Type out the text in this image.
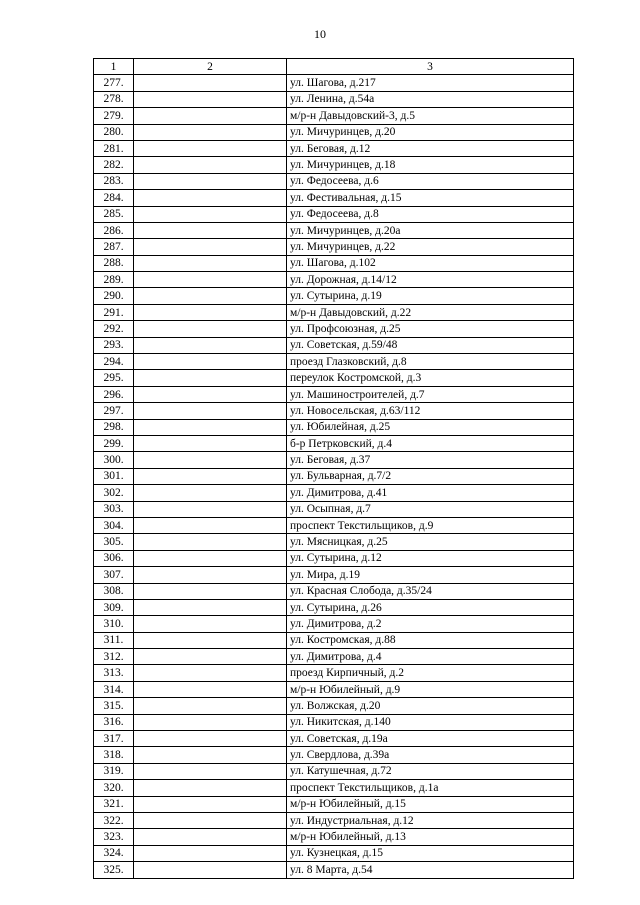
10
1	2	3
277.		ул. Шагова, д.217
278.		ул. Ленина, д.54а
279.		м/р-н Давыдовский-3, д.5
280.		ул. Мичуринцев, д.20
281.		ул. Беговая, д.12
282.		ул. Мичуринцев, д.18
283.		ул. Федосеева, д.6
284.		ул. Фестивальная, д.15
285.		ул. Федосеева, д.8
286.		ул. Мичуринцев, д.20а
287.		ул. Мичуринцев, д.22
288.		ул. Шагова, д.102
289.		ул. Дорожная, д.14/12
290.		ул. Сутырина, д.19
291.		м/р-н Давыдовский, д.22
292.		ул. Профсоюзная, д.25
293.		ул. Советская, д.59/48
294.		проезд Глазковский, д.8
295.		переулок Костромской, д.3
296.		ул. Машиностроителей, д.7
297.		ул. Новосельская, д.63/112
298.		ул. Юбилейная, д.25
299.		б-р Петрковский, д.4
300.		ул. Беговая, д.37
301.		ул. Бульварная, д.7/2
302.		ул. Димитрова, д.41
303.		ул. Осыпная, д.7
304.		проспект Текстильщиков, д.9
305.		ул. Мясницкая, д.25
306.		ул. Сутырина, д.12
307.		ул. Мира, д.19
308.		ул. Красная Слобода, д.35/24
309.		ул. Сутырина, д.26
310.		ул. Димитрова, д.2
311.		ул. Костромская, д.88
312.		ул. Димитрова, д.4
313.		проезд Кирпичный, д.2
314.		м/р-н Юбилейный, д.9
315.		ул. Волжская, д.20
316.		ул. Никитская, д.140
317.		ул. Советская, д.19а
318.		ул. Свердлова, д.39а
319.		ул. Катушечная, д.72
320.		проспект Текстильщиков, д.1а
321.		м/р-н Юбилейный, д.15
322.		ул. Индустриальная, д.12
323.		м/р-н Юбилейный, д.13
324.		ул. Кузнецкая, д.15
325.		ул. 8 Марта, д.54
